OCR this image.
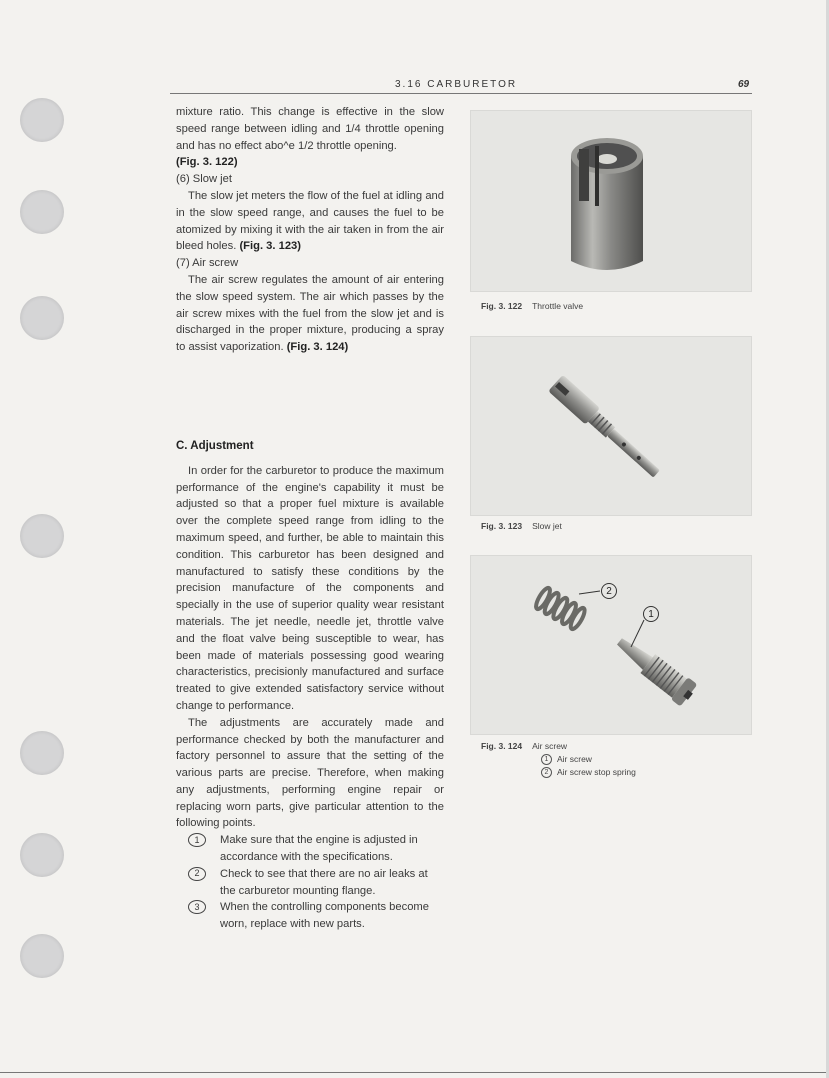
3.16 CARBURETOR	69

mixture ratio. This change is effective in the slow speed range between idling and 1/4 throttle opening and has no effect abo^e 1/2 throttle opening.
(Fig. 3. 122)

(6) Slow jet

The slow jet meters the flow of the fuel at idling and in the slow speed range, and causes the fuel to be atomized by mixing it with the air taken in from the air bleed holes. (Fig. 3. 123)

(7) Air screw

The air screw regulates the amount of air entering the slow speed system. The air which passes by the air screw mixes with the fuel from the slow jet and is discharged in the proper mixture, producing a spray to assist vaporization. (Fig. 3. 124)

C. Adjustment

In order for the carburetor to produce the maximum performance of the engine's capability it must be adjusted so that a proper fuel mixture is available over the complete speed range from idling to the maximum speed, and further, be able to maintain this condition. This carburetor has been designed and manufactured to satisfy these conditions by the precision manufacture of the components and specially in the use of superior quality wear resistant materials. The jet needle, needle jet, throttle valve and the float valve being susceptible to wear, has been made of materials possessing good wearing characteristics, precisionly manufactured and surface treated to give extended satisfactory service without change to performance.

The adjustments are accurately made and performance checked by both the manufacturer and factory personnel to assure that the setting of the various parts are precise. Therefore, when making any adjustments, performing engine repair or replacing worn parts, give particular attention to the following points.

1	Make sure that the engine is adjusted in accordance with the specifications.
2	Check to see that there are no air leaks at the carburetor mounting flange.
3	When the controlling components become worn, replace with new parts.
Fig. 3. 122 Throttle valve
Fig. 3. 123 Slow jet
2
1
Fig. 3. 124 Air screw
1 Air screw
2 Air screw stop spring
